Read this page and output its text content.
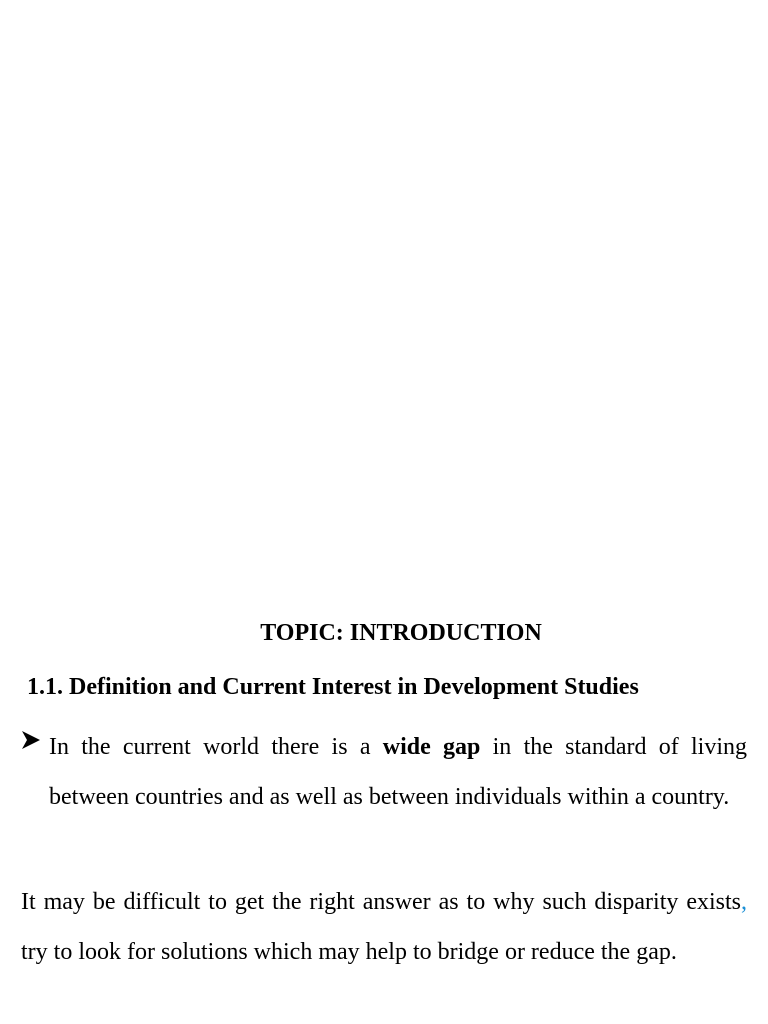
TOPIC: INTRODUCTION
1.1. Definition and Current Interest in Development Studies
In the current world there is a wide gap in the standard of living between countries and as well as between individuals within a country.
It may be difficult to get the right answer as to why such disparity exists, try to look for solutions which may help to bridge or reduce the gap.
